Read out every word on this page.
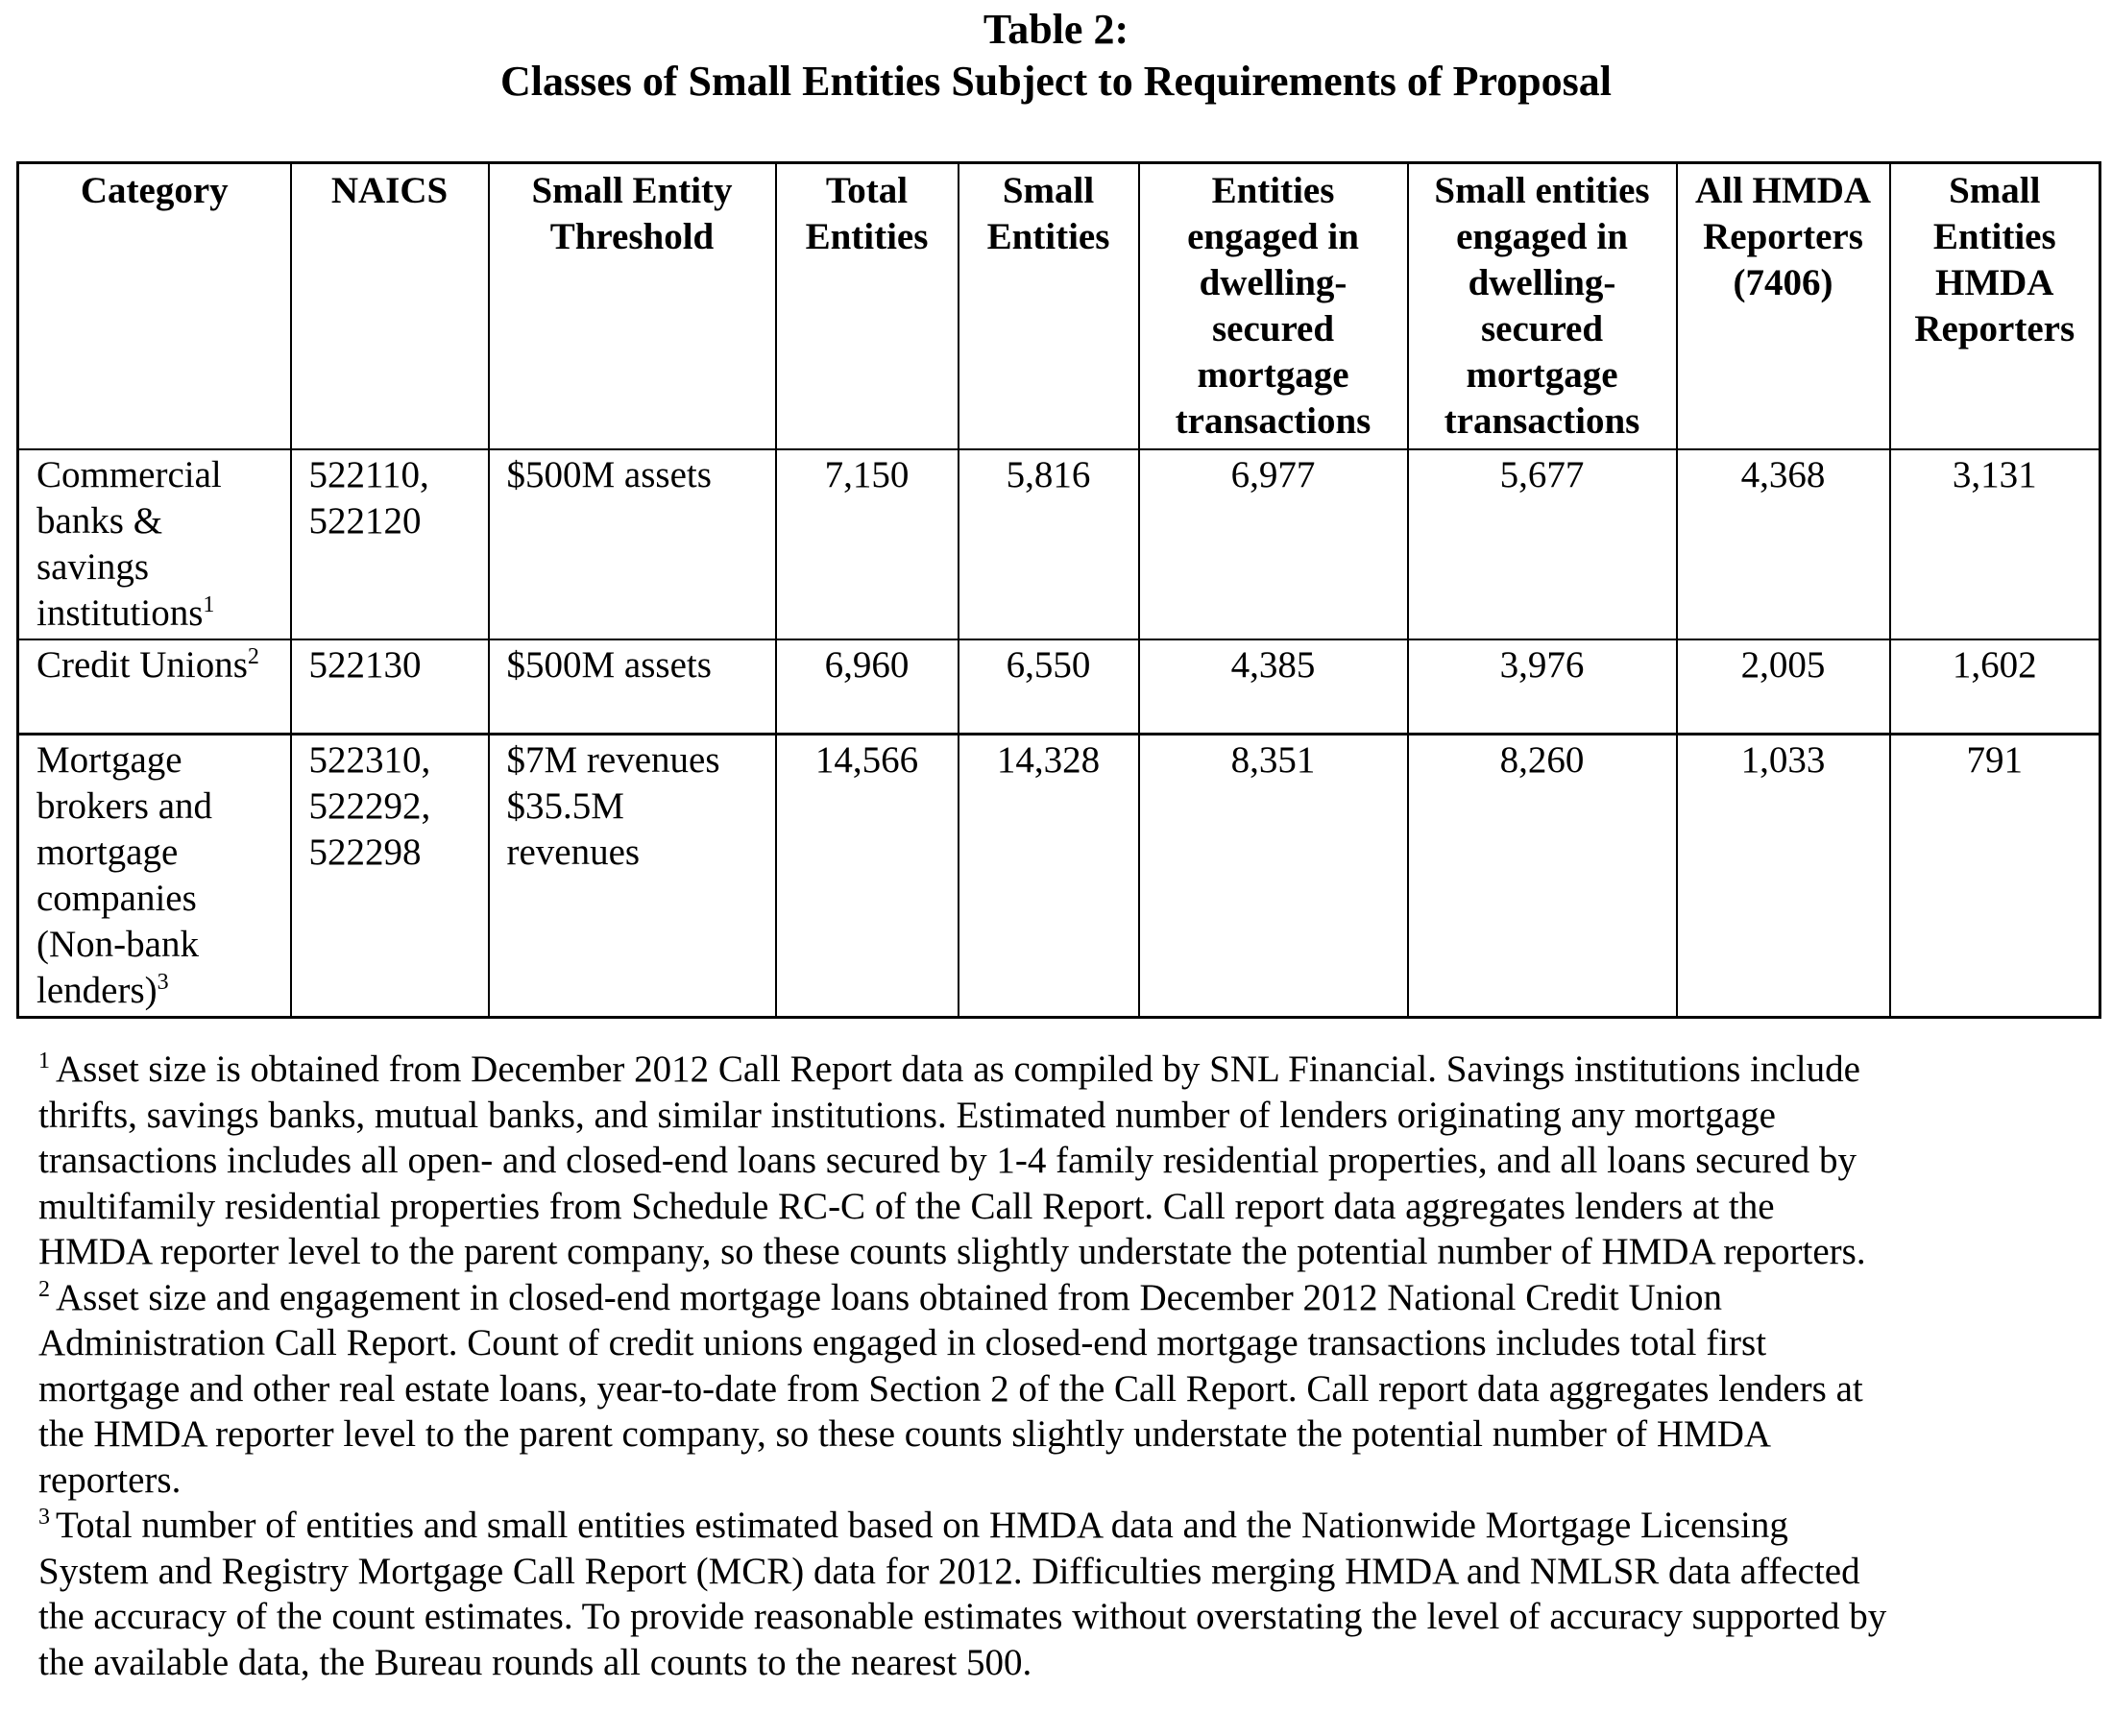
Table 2:
Classes of Small Entities Subject to Requirements of Proposal
Category	NAICS	Small Entity Threshold	Total Entities	Small Entities	Entities engaged in dwelling-secured mortgage transactions	Small entities engaged in dwelling-secured mortgage transactions	All HMDA Reporters (7406)	Small Entities HMDA Reporters
Commercial banks & savings institutions$^1$	522110, 522120	$500M assets	7,150	5,816	6,977	5,677	4,368	3,131
Credit Unions$^2$	522130	$500M assets	6,960	6,550	4,385	3,976	2,005	1,602
Mortgage brokers and mortgage companies (Non-bank lenders)$^3$	522310, 522292, 522298	$7M revenues $35.5M revenues	14,566	14,328	8,351	8,260	1,033	791

$^1$ Asset size is obtained from December 2012 Call Report data as compiled by SNL Financial. Savings institutions include thrifts, savings banks, mutual banks, and similar institutions. Estimated number of lenders originating any mortgage transactions includes all open- and closed-end loans secured by 1-4 family residential properties, and all loans secured by multifamily residential properties from Schedule RC-C of the Call Report. Call report data aggregates lenders at the HMDA reporter level to the parent company, so these counts slightly understate the potential number of HMDA reporters.

$^2$ Asset size and engagement in closed-end mortgage loans obtained from December 2012 National Credit Union Administration Call Report. Count of credit unions engaged in closed-end mortgage transactions includes total first mortgage and other real estate loans, year-to-date from Section 2 of the Call Report. Call report data aggregates lenders at the HMDA reporter level to the parent company, so these counts slightly understate the potential number of HMDA reporters.

$^3$ Total number of entities and small entities estimated based on HMDA data and the Nationwide Mortgage Licensing System and Registry Mortgage Call Report (MCR) data for 2012. Difficulties merging HMDA and NMLSR data affected the accuracy of the count estimates. To provide reasonable estimates without overstating the level of accuracy supported by the available data, the Bureau rounds all counts to the nearest 500.
